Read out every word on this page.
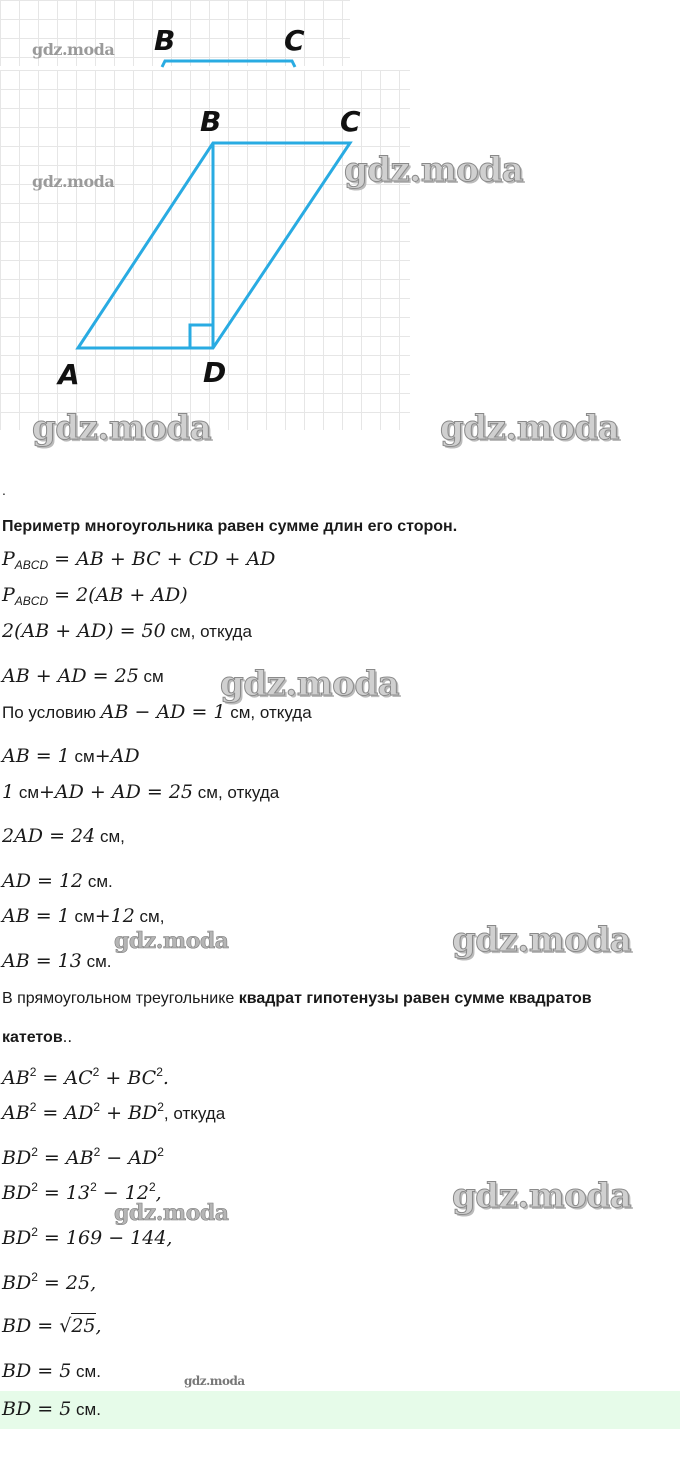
B	C
B	C
A	D
gdz.moda
gdz.moda	gdz.moda
gdz.moda	gdz.moda
gdz.moda
gdz.moda
gdz.moda
gdz.moda
gdz.moda
gdz.moda
.
Периметр многоугольника равен сумме длин его сторон.
$P_{ABCD}$ = AB + BC + CD + AD
$P_{ABCD} = 2(AB + AD)$
2(AB + AD) = 50 см, откуда
AB + AD = 25 см
По условию AB − AD = 1 см, откуда
AB = 1 см+AD
1 см+AD + AD = 25 см, откуда
2AD = 24 см,
AD = 12 см.
AB = 1 см+12 см,
AB = 13 см.
В прямоугольном треугольнике квадрат гипотенузы равен сумме квадратов
катетов..
$AB^2 = AC^2 + BC^2$.
$AB^2 = AD^2 + BD^2$, откуда
$BD^2 = AB^2 - AD^2$
$BD^2 = 13^2 - 12^2$,
$BD^2 = 169 - 144$,
$BD^2 = 25$,
BD = √25,
BD = 5 см.
BD = 5 см.
